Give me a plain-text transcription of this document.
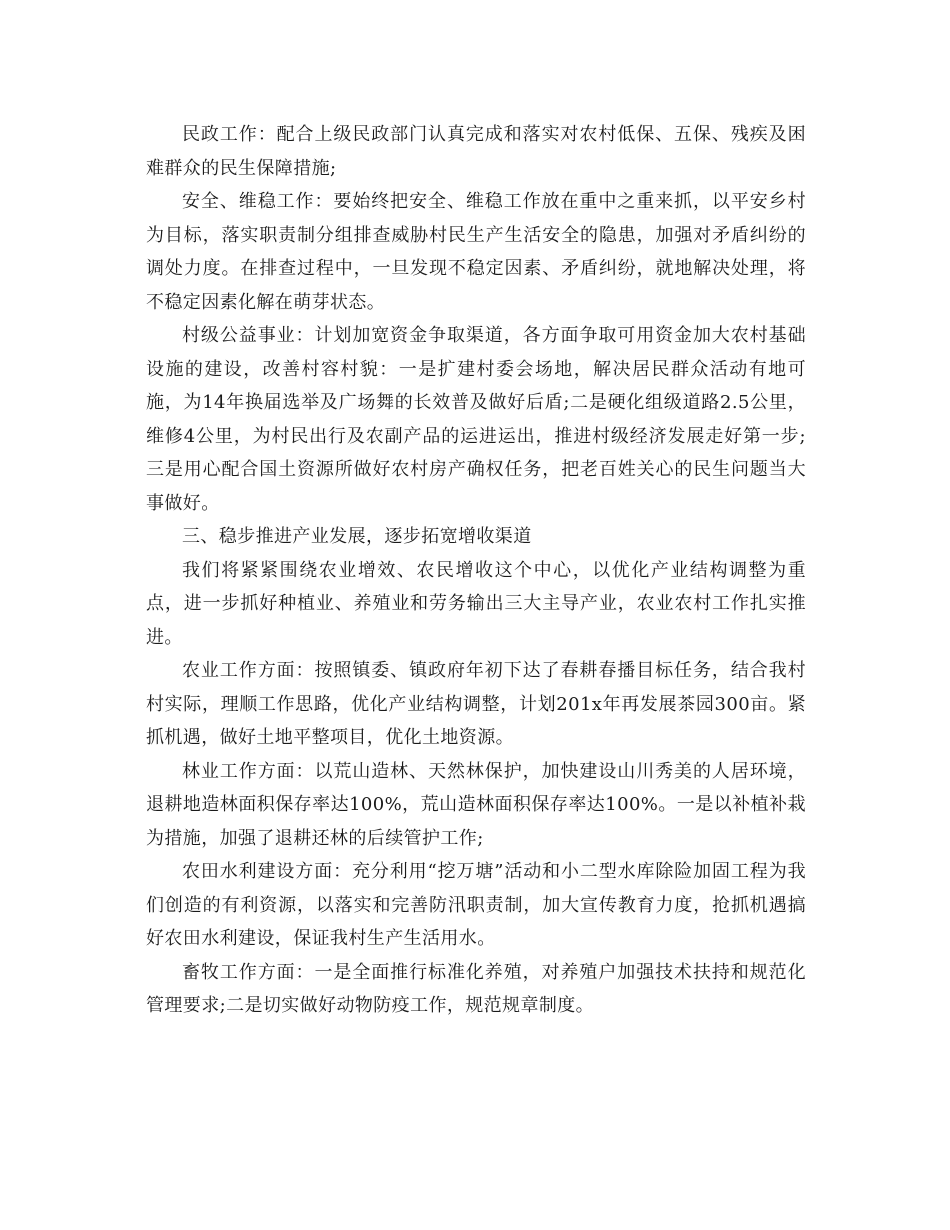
民政工作：配合上级民政部门认真完成和落实对农村低保、五保、残疾及困难群众的民生保障措施;

安全、维稳工作：要始终把安全、维稳工作放在重中之重来抓，以平安乡村为目标，落实职责制分组排查威胁村民生产生活安全的隐患，加强对矛盾纠纷的调处力度。在排查过程中，一旦发现不稳定因素、矛盾纠纷，就地解决处理，将不稳定因素化解在萌芽状态。

村级公益事业：计划加宽资金争取渠道，各方面争取可用资金加大农村基础设施的建设，改善村容村貌：一是扩建村委会场地，解决居民群众活动有地可施，为14年换届选举及广场舞的长效普及做好后盾;二是硬化组级道路2.5公里，维修4公里，为村民出行及农副产品的运进运出，推进村级经济发展走好第一步;三是用心配合国土资源所做好农村房产确权任务，把老百姓关心的民生问题当大事做好。

三、稳步推进产业发展，逐步拓宽增收渠道

我们将紧紧围绕农业增效、农民增收这个中心，以优化产业结构调整为重点，进一步抓好种植业、养殖业和劳务输出三大主导产业，农业农村工作扎实推进。

农业工作方面：按照镇委、镇政府年初下达了春耕春播目标任务，结合我村村实际，理顺工作思路，优化产业结构调整，计划201x年再发展茶园300亩。紧抓机遇，做好土地平整项目，优化土地资源。

林业工作方面：以荒山造林、天然林保护，加快建设山川秀美的人居环境，退耕地造林面积保存率达100%，荒山造林面积保存率达100%。一是以补植补栽为措施，加强了退耕还林的后续管护工作;

农田水利建设方面：充分利用“挖万塘”活动和小二型水库除险加固工程为我们创造的有利资源，以落实和完善防汛职责制，加大宣传教育力度，抢抓机遇搞好农田水利建设，保证我村生产生活用水。

畜牧工作方面：一是全面推行标准化养殖，对养殖户加强技术扶持和规范化管理要求;二是切实做好动物防疫工作，规范规章制度。
